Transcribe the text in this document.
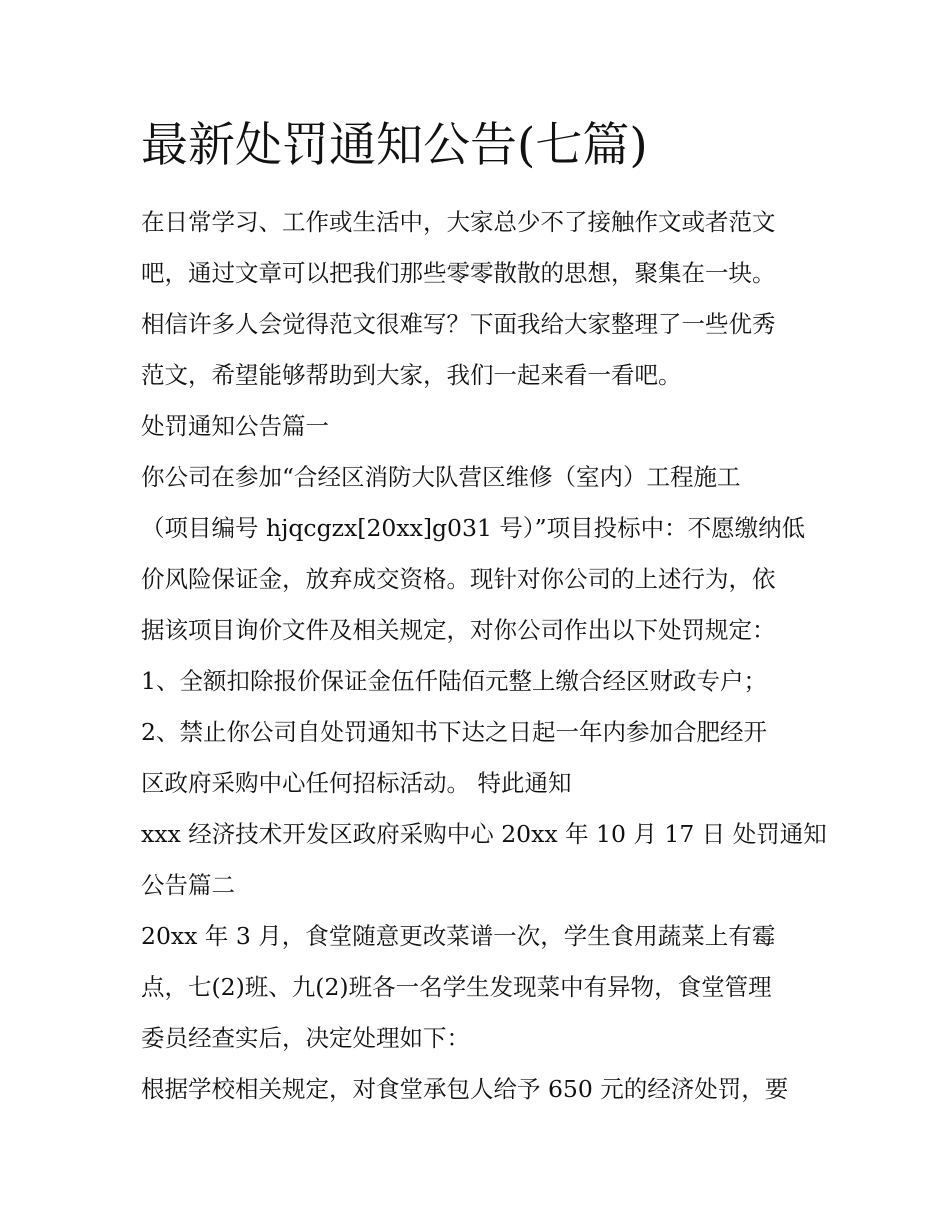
最新处罚通知公告(七篇)

在日常学习、工作或生活中，大家总少不了接触作文或者范文

吧，通过文章可以把我们那些零零散散的思想，聚集在一块。

相信许多人会觉得范文很难写？下面我给大家整理了一些优秀

范文，希望能够帮助到大家，我们一起来看一看吧。

处罚通知公告篇一

你公司在参加“合经区消防大队营区维修（室内）工程施工

（项目编号 hjqcgzx[20xx]g031 号）”项目投标中：不愿缴纳低

价风险保证金，放弃成交资格。现针对你公司的上述行为，依

据该项目询价文件及相关规定，对你公司作出以下处罚规定：

1、全额扣除报价保证金伍仟陆佰元整上缴合经区财政专户；

2、禁止你公司自处罚通知书下达之日起一年内参加合肥经开

区政府采购中心任何招标活动。 特此通知

xxx 经济技术开发区政府采购中心 20xx 年 10 月 17 日 处罚通知

公告篇二

20xx 年 3 月，食堂随意更改菜谱一次，学生食用蔬菜上有霉

点，七(2)班、九(2)班各一名学生发现菜中有异物，食堂管理

委员经查实后，决定处理如下：

根据学校相关规定，对食堂承包人给予 650 元的经济处罚，要
